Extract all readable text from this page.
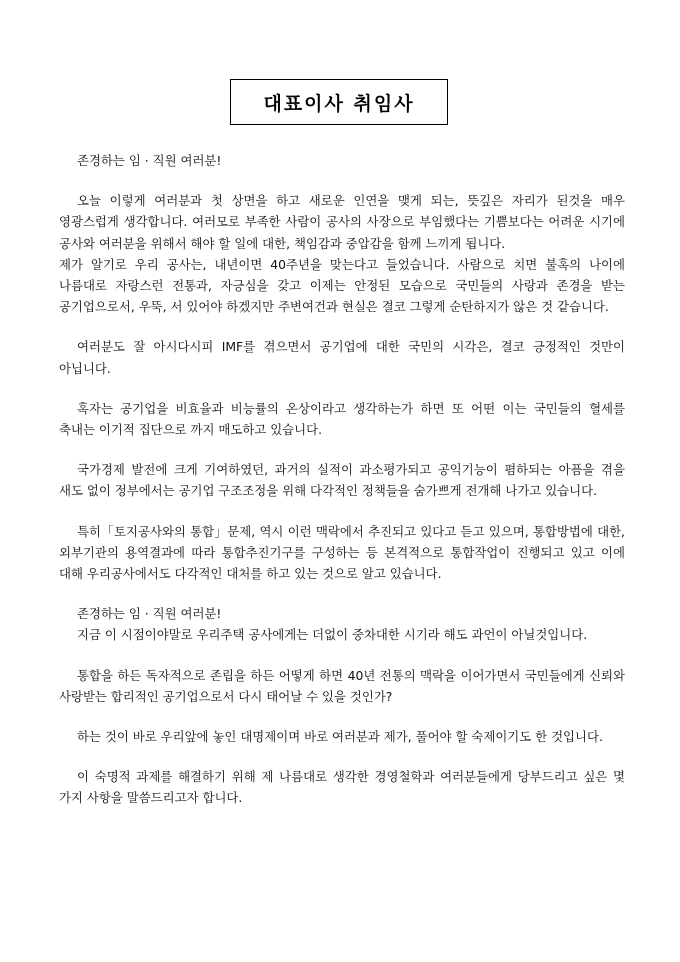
대표이사 취임사

존경하는 임 · 직원 여러분!

오늘 이렇게 여러분과 첫 상면을 하고 새로운 인연을 맺게 되는, 뜻깊은 자리가 된것을 매우 영광스럽게 생각합니다. 여러모로 부족한 사람이 공사의 사장으로 부임했다는 기쁨보다는 어려운 시기에 공사와 여러분을 위해서 해야 할 일에 대한, 책임감과 중압감을 함께 느끼게 됩니다.

제가 알기로 우리 공사는, 내년이면 40주년을 맞는다고 들었습니다. 사람으로 치면 불혹의 나이에 나름대로 자랑스런 전통과, 자긍심을 갖고 이제는 안정된 모습으로 국민들의 사랑과 존경을 받는 공기업으로서, 우뚝, 서 있어야 하겠지만 주변여건과 현실은 결코 그렇게 순탄하지가 않은 것 같습니다.

여러분도 잘 아시다시피 IMF를 겪으면서 공기업에 대한 국민의 시각은, 결코 긍정적인 것만이 아닙니다.

혹자는 공기업을 비효율과 비능률의 온상이라고 생각하는가 하면 또 어떤 이는 국민들의 혈세를 축내는 이기적 집단으로 까지 매도하고 있습니다.

국가경제 발전에 크게 기여하였던, 과거의 실적이 과소평가되고 공익기능이 폄하되는 아픔을 겪을 새도 없이 정부에서는 공기업 구조조정을 위해 다각적인 정책들을 숨가쁘게 전개해 나가고 있습니다.

특히「토지공사와의 통합」문제, 역시 이런 맥락에서 추진되고 있다고 듣고 있으며, 통합방법에 대한, 외부기관의 용역결과에 따라 통합추진기구를 구성하는 등 본격적으로 통합작업이 진행되고 있고 이에 대해 우리공사에서도 다각적인 대처를 하고 있는 것으로 알고 있습니다.

존경하는 임 · 직원 여러분!

지금 이 시점이야말로 우리주택 공사에게는 더없이 중차대한 시기라 해도 과언이 아닐것입니다.

통합을 하든 독자적으로 존립을 하든 어떻게 하면 40년 전통의 맥락을 이어가면서 국민들에게 신뢰와 사랑받는 합리적인 공기업으로서 다시 태어날 수 있을 것인가?

하는 것이 바로 우리앞에 놓인 대명제이며 바로 여러분과 제가, 풀어야 할 숙제이기도 한 것입니다.

이 숙명적 과제를 해결하기 위해 제 나름대로 생각한 경영철학과 여러분들에게 당부드리고 싶은 몇 가지 사항을 말씀드리고자 합니다.
